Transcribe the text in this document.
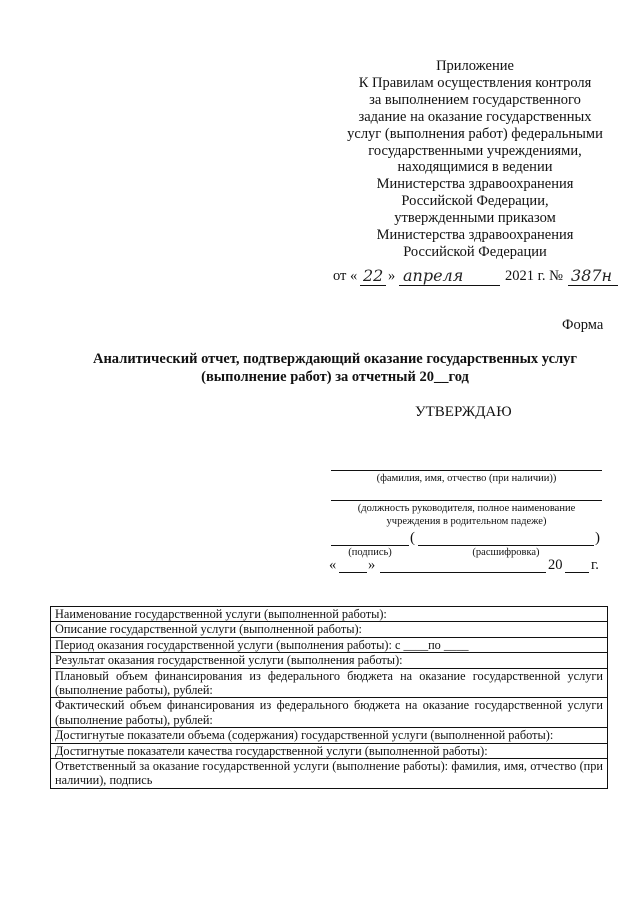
Приложение
К Правилам осуществления контроля
за выполнением государственного
задание на оказание государственных
услуг (выполнения работ) федеральными
государственными учреждениями,
находящимися в ведении
Министерства здравоохранения
Российской Федерации,
утвержденными приказом
Министерства здравоохранения
Российской Федерации
от « 22 » апреля	2021 г. № 387н
Форма
Аналитический отчет, подтверждающий оказание государственных услуг
(выполнение работ) за отчетный 20__год
УТВЕРЖДАЮ
(фамилия, имя, отчество (при наличии))
(должность руководителя, полное наименование
учреждения в родительном падеже)
(	)
(подпись)	(расшифровка)
« »	20 г.
Наименование государственной услуги (выполненной работы):
Описание государственной услуги (выполненной работы):
Период оказания государственной услуги (выполнения работы): с ____по ____
Результат оказания государственной услуги (выполнения работы):
Плановый объем финансирования из федерального бюджета на оказание государственной услуги (выполнение работы), рублей:
Фактический объем финансирования из федерального бюджета на оказание государственной услуги (выполнение работы), рублей:
Достигнутые показатели объема (содержания) государственной услуги (выполненной работы):
Достигнутые показатели качества государственной услуги (выполненной работы):
Ответственный за оказание государственной услуги (выполнение работы): фамилия, имя, отчество (при наличии), подпись
